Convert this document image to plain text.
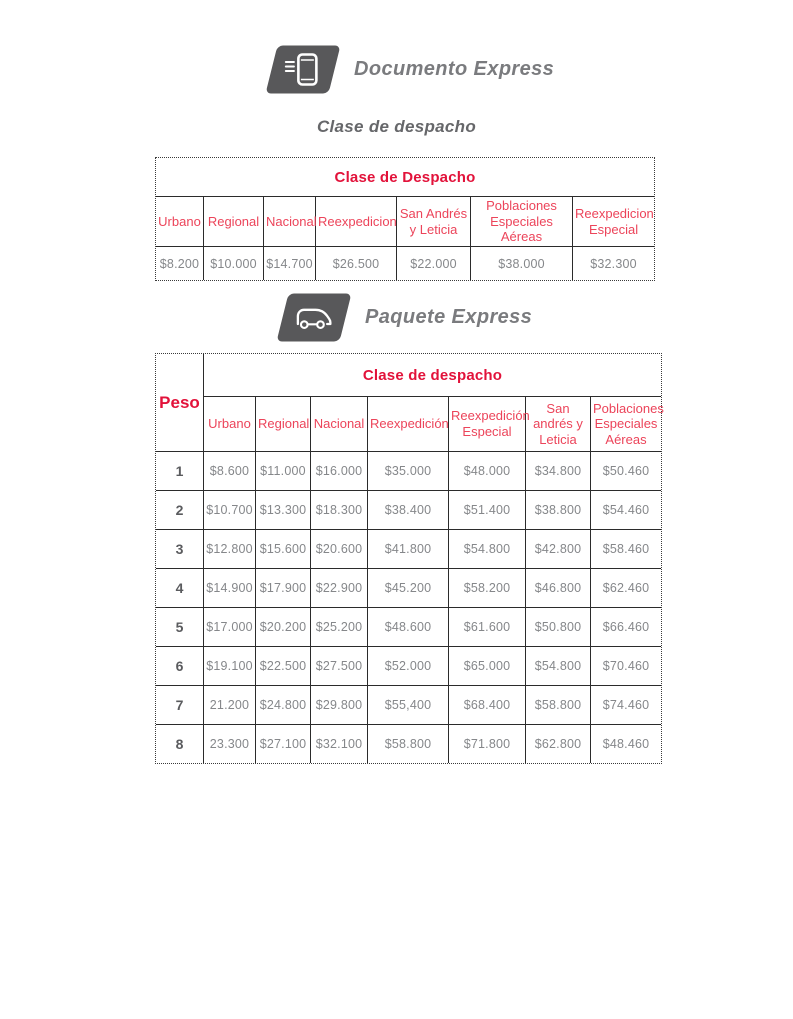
Documento Express
Clase de despacho
Clase de Despacho						
Urbano	Regional	Nacional	Reexpedicion	San Andrés y Leticia	Poblaciones Especiales Aéreas	Reexpedicion Especial
$8.200	$10.000	$14.700	$26.500	$22.000	$38.000	$32.300
Paquete Express
Peso	Clase de despacho						
	Urbano	Regional	Nacional	Reexpedición	Reexpedición Especial	San andrés y Leticia	Poblaciones Especiales Aéreas
1	$8.600	$11.000	$16.000	$35.000	$48.000	$34.800	$50.460
2	$10.700	$13.300	$18.300	$38.400	$51.400	$38.800	$54.460
3	$12.800	$15.600	$20.600	$41.800	$54.800	$42.800	$58.460
4	$14.900	$17.900	$22.900	$45.200	$58.200	$46.800	$62.460
5	$17.000	$20.200	$25.200	$48.600	$61.600	$50.800	$66.460
6	$19.100	$22.500	$27.500	$52.000	$65.000	$54.800	$70.460
7	21.200	$24.800	$29.800	$55,400	$68.400	$58.800	$74.460
8	23.300	$27.100	$32.100	$58.800	$71.800	$62.800	$48.460
